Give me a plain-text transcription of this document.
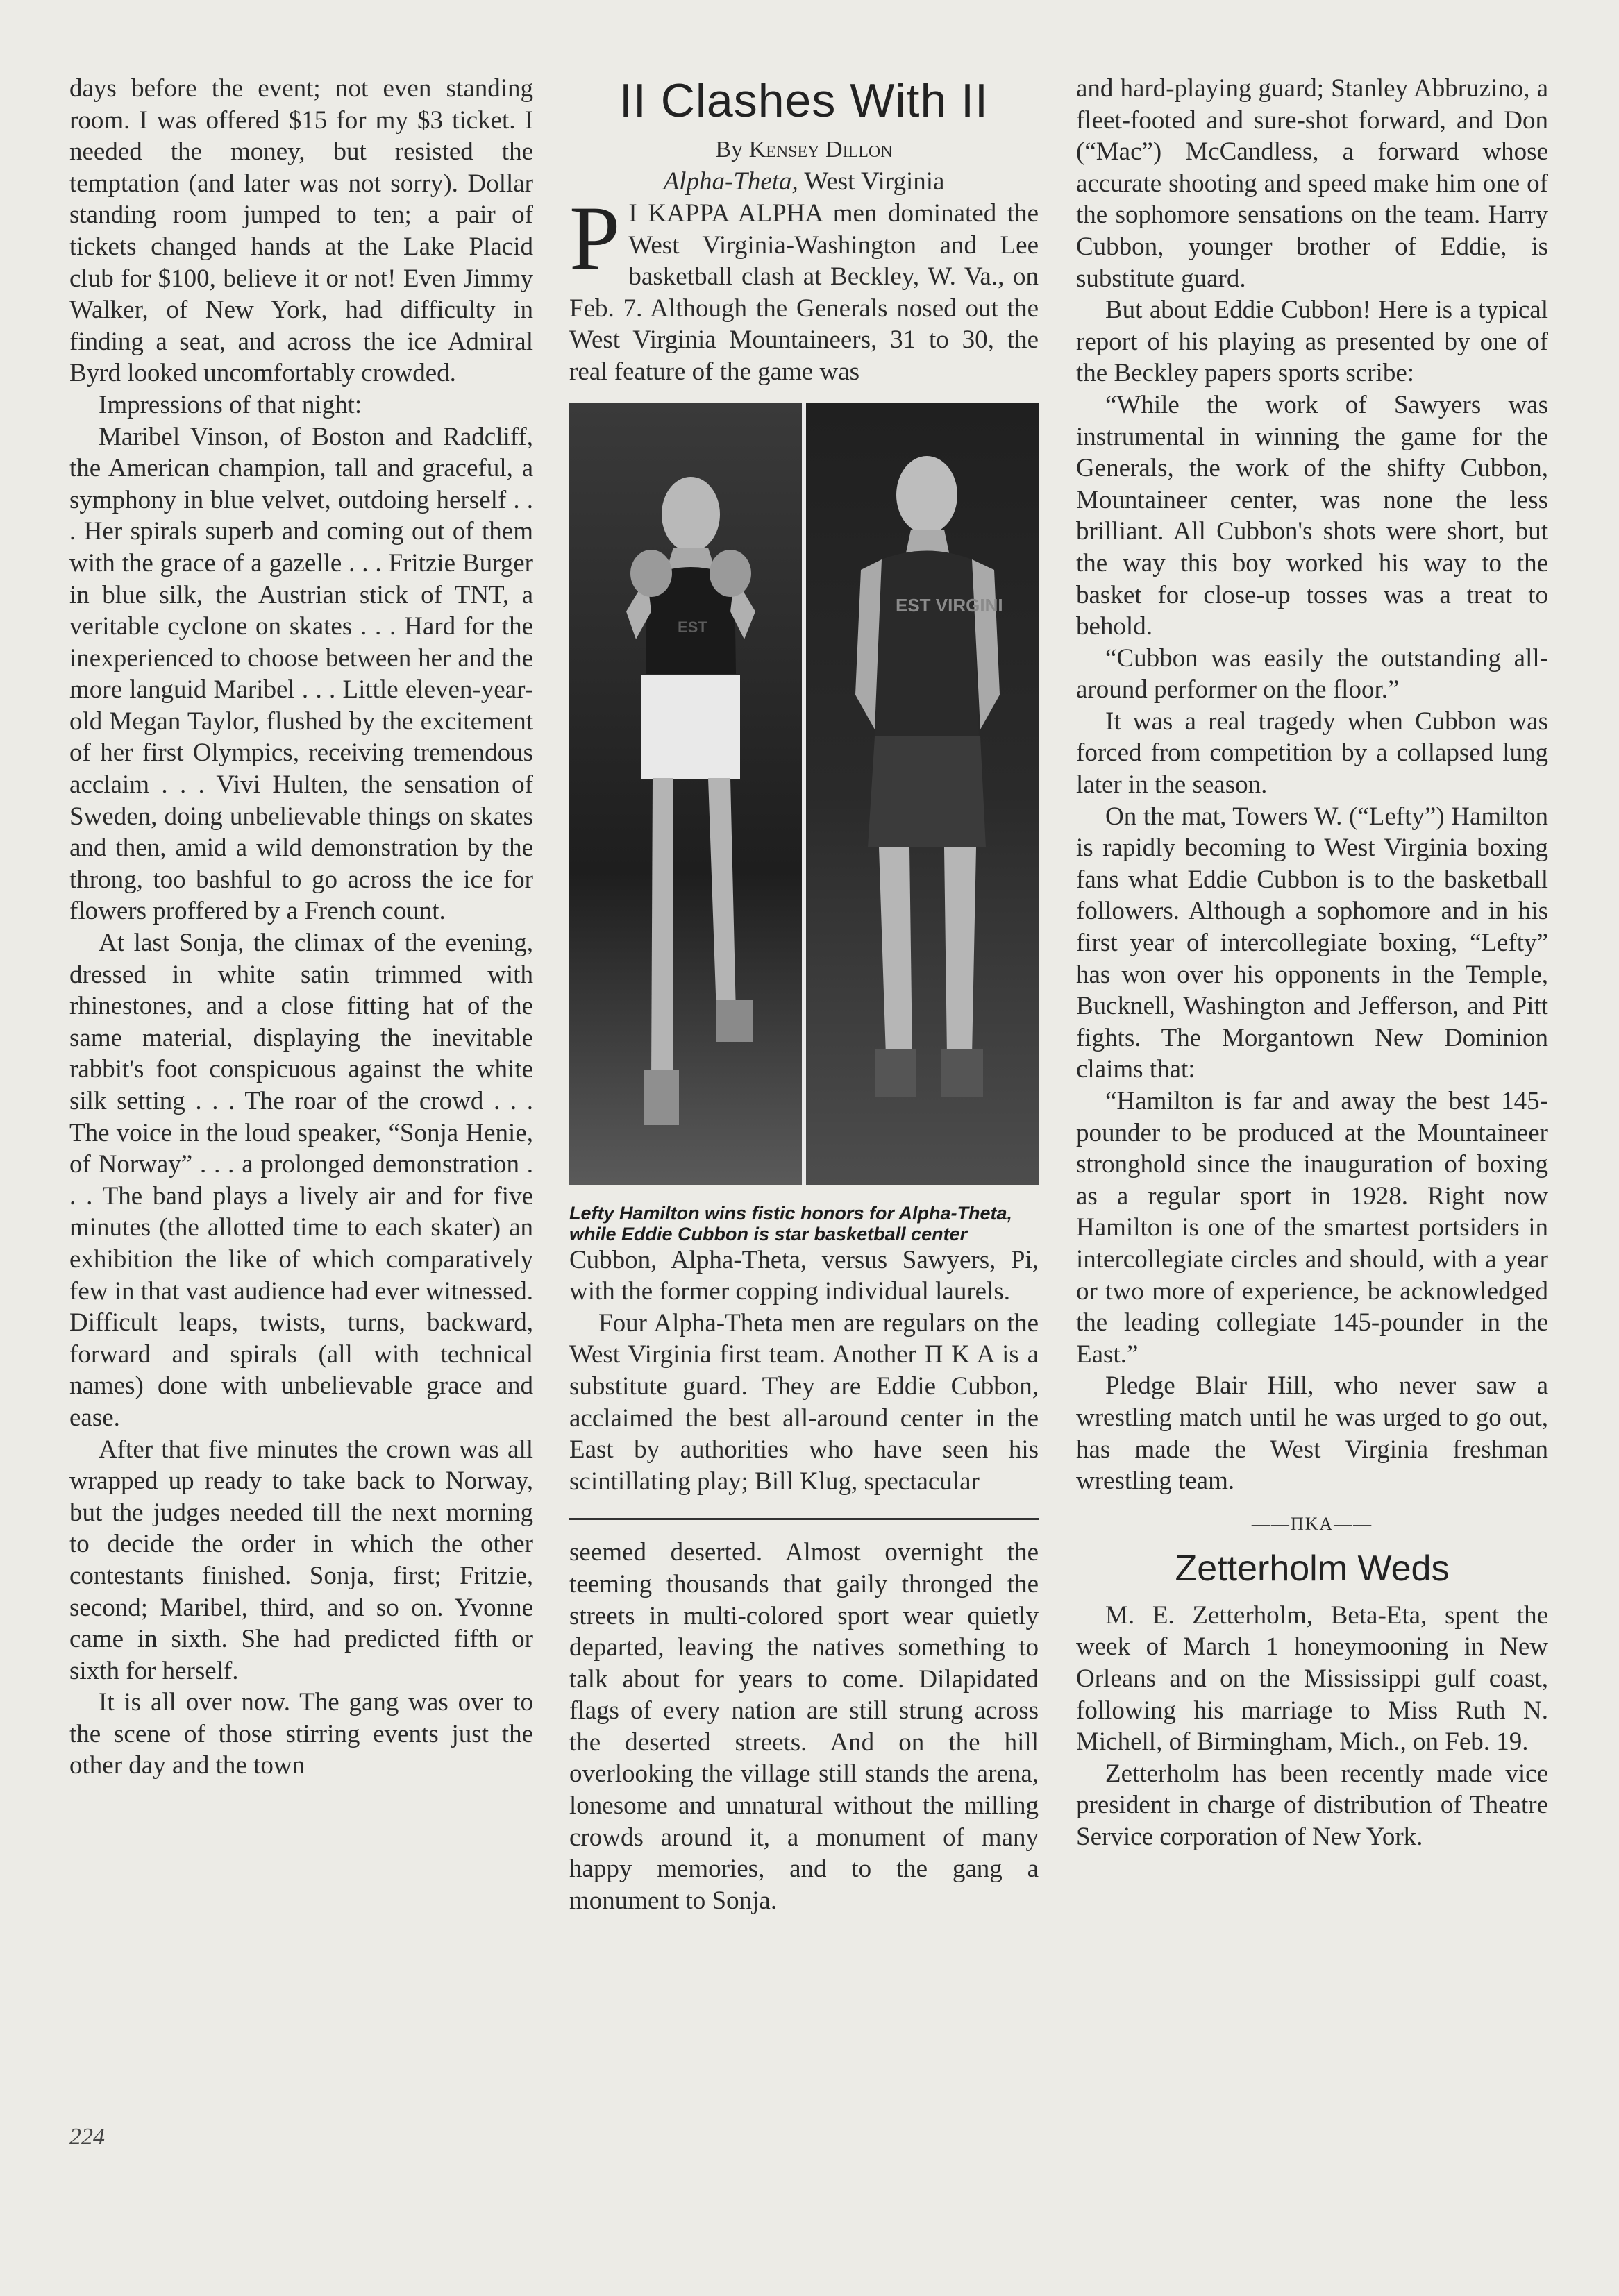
days before the event; not even standing room. I was offered $15 for my $3 ticket. I needed the money, but resisted the temptation (and later was not sorry). Dollar standing room jumped to ten; a pair of tickets changed hands at the Lake Placid club for $100, believe it or not! Even Jimmy Walker, of New York, had difficulty in finding a seat, and across the ice Admiral Byrd looked uncomfortably crowded.

Impressions of that night:

Maribel Vinson, of Boston and Radcliff, the American champion, tall and graceful, a symphony in blue velvet, outdoing herself . . . Her spirals superb and coming out of them with the grace of a gazelle . . . Fritzie Burger in blue silk, the Austrian stick of TNT, a veritable cyclone on skates . . . Hard for the inexperienced to choose between her and the more languid Maribel . . . Little eleven-year-old Megan Taylor, flushed by the excitement of her first Olympics, receiving tremendous acclaim . . . Vivi Hulten, the sensation of Sweden, doing unbelievable things on skates and then, amid a wild demonstration by the throng, too bashful to go across the ice for flowers proffered by a French count.

At last Sonja, the climax of the evening, dressed in white satin trimmed with rhinestones, and a close fitting hat of the same material, displaying the inevitable rabbit's foot conspicuous against the white silk setting . . . The roar of the crowd . . . The voice in the loud speaker, “Sonja Henie, of Norway” . . . a prolonged demonstration . . . The band plays a lively air and for five minutes (the allotted time to each skater) an exhibition the like of which comparatively few in that vast audience had ever witnessed. Difficult leaps, twists, turns, backward, forward and spirals (all with technical names) done with unbelievable grace and ease.

After that five minutes the crown was all wrapped up ready to take back to Norway, but the judges needed till the next morning to decide the order in which the other contestants finished. Sonja, first; Fritzie, second; Maribel, third, and so on. Yvonne came in sixth. She had predicted fifth or sixth for herself.

It is all over now. The gang was over to the scene of those stirring events just the other day and the town

II Clashes With II

By Kensey Dillon

Alpha-Theta, West Virginia

P I KAPPA ALPHA men dominated the West Virginia-Washington and Lee basketball clash at Beckley, W. Va., on Feb. 7. Although the Generals nosed out the West Virginia Mountaineers, 31 to 30, the real feature of the game was

EST
EST VIRGINI

Lefty Hamilton wins fistic honors for Alpha-Theta, while Eddie Cubbon is star basketball center

Cubbon, Alpha-Theta, versus Sawyers, Pi, with the former copping individual laurels.

Four Alpha-Theta men are regulars on the West Virginia first team. Another Π K A is a substitute guard. They are Eddie Cubbon, acclaimed the best all-around center in the East by authorities who have seen his scintillating play; Bill Klug, spectacular

seemed deserted. Almost overnight the teeming thousands that gaily thronged the streets in multi-colored sport wear quietly departed, leaving the natives something to talk about for years to come. Dilapidated flags of every nation are still strung across the deserted streets. And on the hill overlooking the village still stands the arena, lonesome and unnatural without the milling crowds around it, a monument of many happy memories, and to the gang a monument to Sonja.

and hard-playing guard; Stanley Abbruzino, a fleet-footed and sure-shot forward, and Don (“Mac”) McCandless, a forward whose accurate shooting and speed make him one of the sophomore sensations on the team. Harry Cubbon, younger brother of Eddie, is substitute guard.

But about Eddie Cubbon! Here is a typical report of his playing as presented by one of the Beckley papers sports scribe:

“While the work of Sawyers was instrumental in winning the game for the Generals, the work of the shifty Cubbon, Mountaineer center, was none the less brilliant. All Cubbon's shots were short, but the way this boy worked his way to the basket for close-up tosses was a treat to behold.

“Cubbon was easily the outstanding all-around performer on the floor.”

It was a real tragedy when Cubbon was forced from competition by a collapsed lung later in the season.

On the mat, Towers W. (“Lefty”) Hamilton is rapidly becoming to West Virginia boxing fans what Eddie Cubbon is to the basketball followers. Although a sophomore and in his first year of intercollegiate boxing, “Lefty” has won over his opponents in the Temple, Bucknell, Washington and Jefferson, and Pitt fights. The Morgantown New Dominion claims that:

“Hamilton is far and away the best 145-pounder to be produced at the Mountaineer stronghold since the inauguration of boxing as a regular sport in 1928. Right now Hamilton is one of the smartest portsiders in intercollegiate circles and should, with a year or two more of experience, be acknowledged the leading collegiate 145-pounder in the East.”

Pledge Blair Hill, who never saw a wrestling match until he was urged to go out, has made the West Virginia freshman wrestling team.

——ΠΚΑ——
Zetterholm Weds

M. E. Zetterholm, Beta-Eta, spent the week of March 1 honeymooning in New Orleans and on the Mississippi gulf coast, following his marriage to Miss Ruth N. Michell, of Birmingham, Mich., on Feb. 19.

Zetterholm has been recently made vice president in charge of distribution of Theatre Service corporation of New York.

224
